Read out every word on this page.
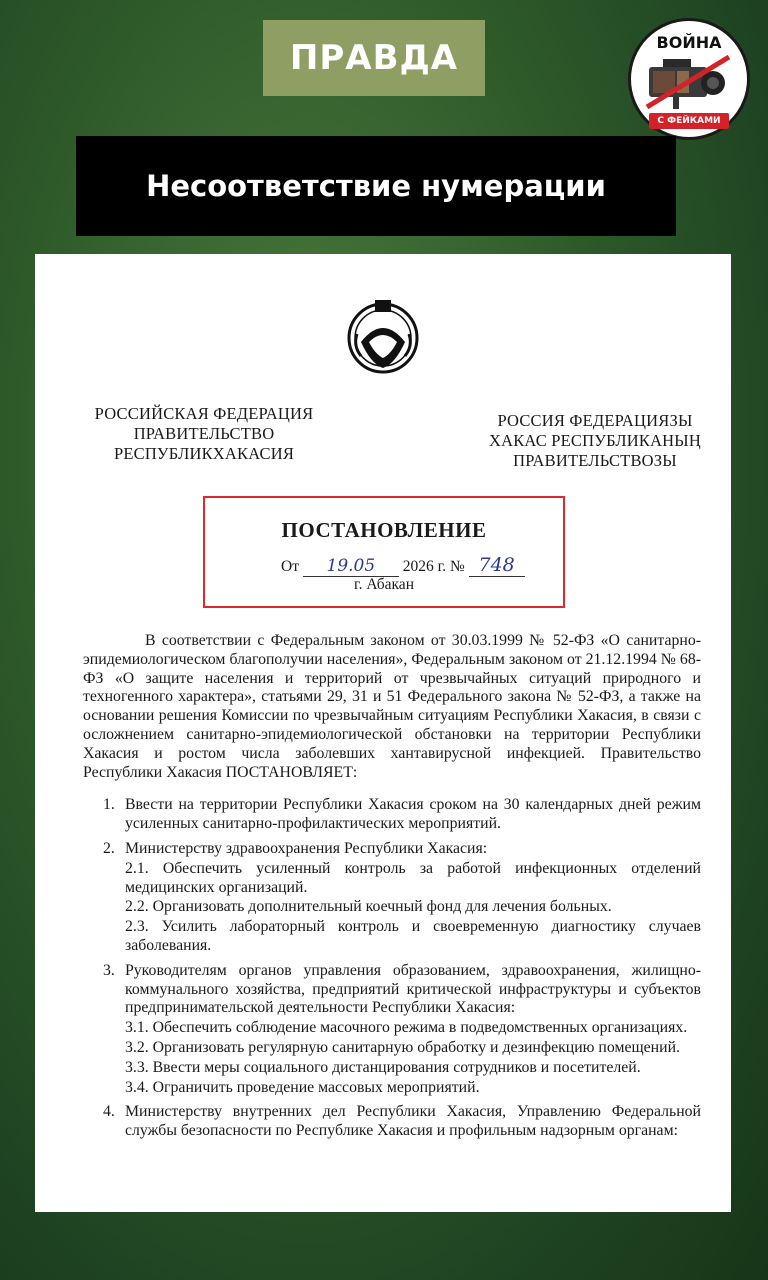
ПРАВДА	ВОЙНА
С ФЕЙКАМИ
Несоответствие нумерации
РОССИЙСКАЯ ФЕДЕРАЦИЯ
ПРАВИТЕЛЬСТВО
РЕСПУБЛИКХАКАСИЯ
РОССИЯ ФЕДЕРАЦИЯЗЫ
ХАКАС РЕСПУБЛИКАНЫҢ
ПРАВИТЕЛЬСТВОЗЫ
ПОСТАНОВЛЕНИЕ
От 19.05 2026 г. № 748
г. Абакан

В соответствии с Федеральным законом от 30.03.1999 № 52-ФЗ «О санитарно-эпидемиологическом благополучии населения», Федеральным законом от 21.12.1994 № 68-ФЗ «О защите населения и территорий от чрезвычайных ситуаций природного и техногенного характера», статьями 29, 31 и 51 Федерального закона № 52-ФЗ, а также на основании решения Комиссии по чрезвычайным ситуациям Республики Хакасия, в связи с осложнением санитарно-эпидемиологической обстановки на территории Республики Хакасия и ростом числа заболевших хантавирусной инфекцией. Правительство Республики Хакасия ПОСТАНОВЛЯЕТ:

1. Ввести на территории Республики Хакасия сроком на 30 календарных дней режим усиленных санитарно-профилактических мероприятий.
2. Министерству здравоохранения Республики Хакасия:
2.1. Обеспечить усиленный контроль за работой инфекционных отделений медицинских организаций.
2.2. Организовать дополнительный коечный фонд для лечения больных.
2.3. Усилить лабораторный контроль и своевременную диагностику случаев заболевания.
3. Руководителям органов управления образованием, здравоохранения, жилищно-коммунального хозяйства, предприятий критической инфраструктуры и субъектов предпринимательской деятельности Республики Хакасия:
3.1. Обеспечить соблюдение масочного режима в подведомственных организациях.
3.2. Организовать регулярную санитарную обработку и дезинфекцию помещений.
3.3. Ввести меры социального дистанцирования сотрудников и посетителей.
3.4. Ограничить проведение массовых мероприятий.
4. Министерству внутренних дел Республики Хакасия, Управлению Федеральной службы безопасности по Республике Хакасия и профильным надзорным органам:
